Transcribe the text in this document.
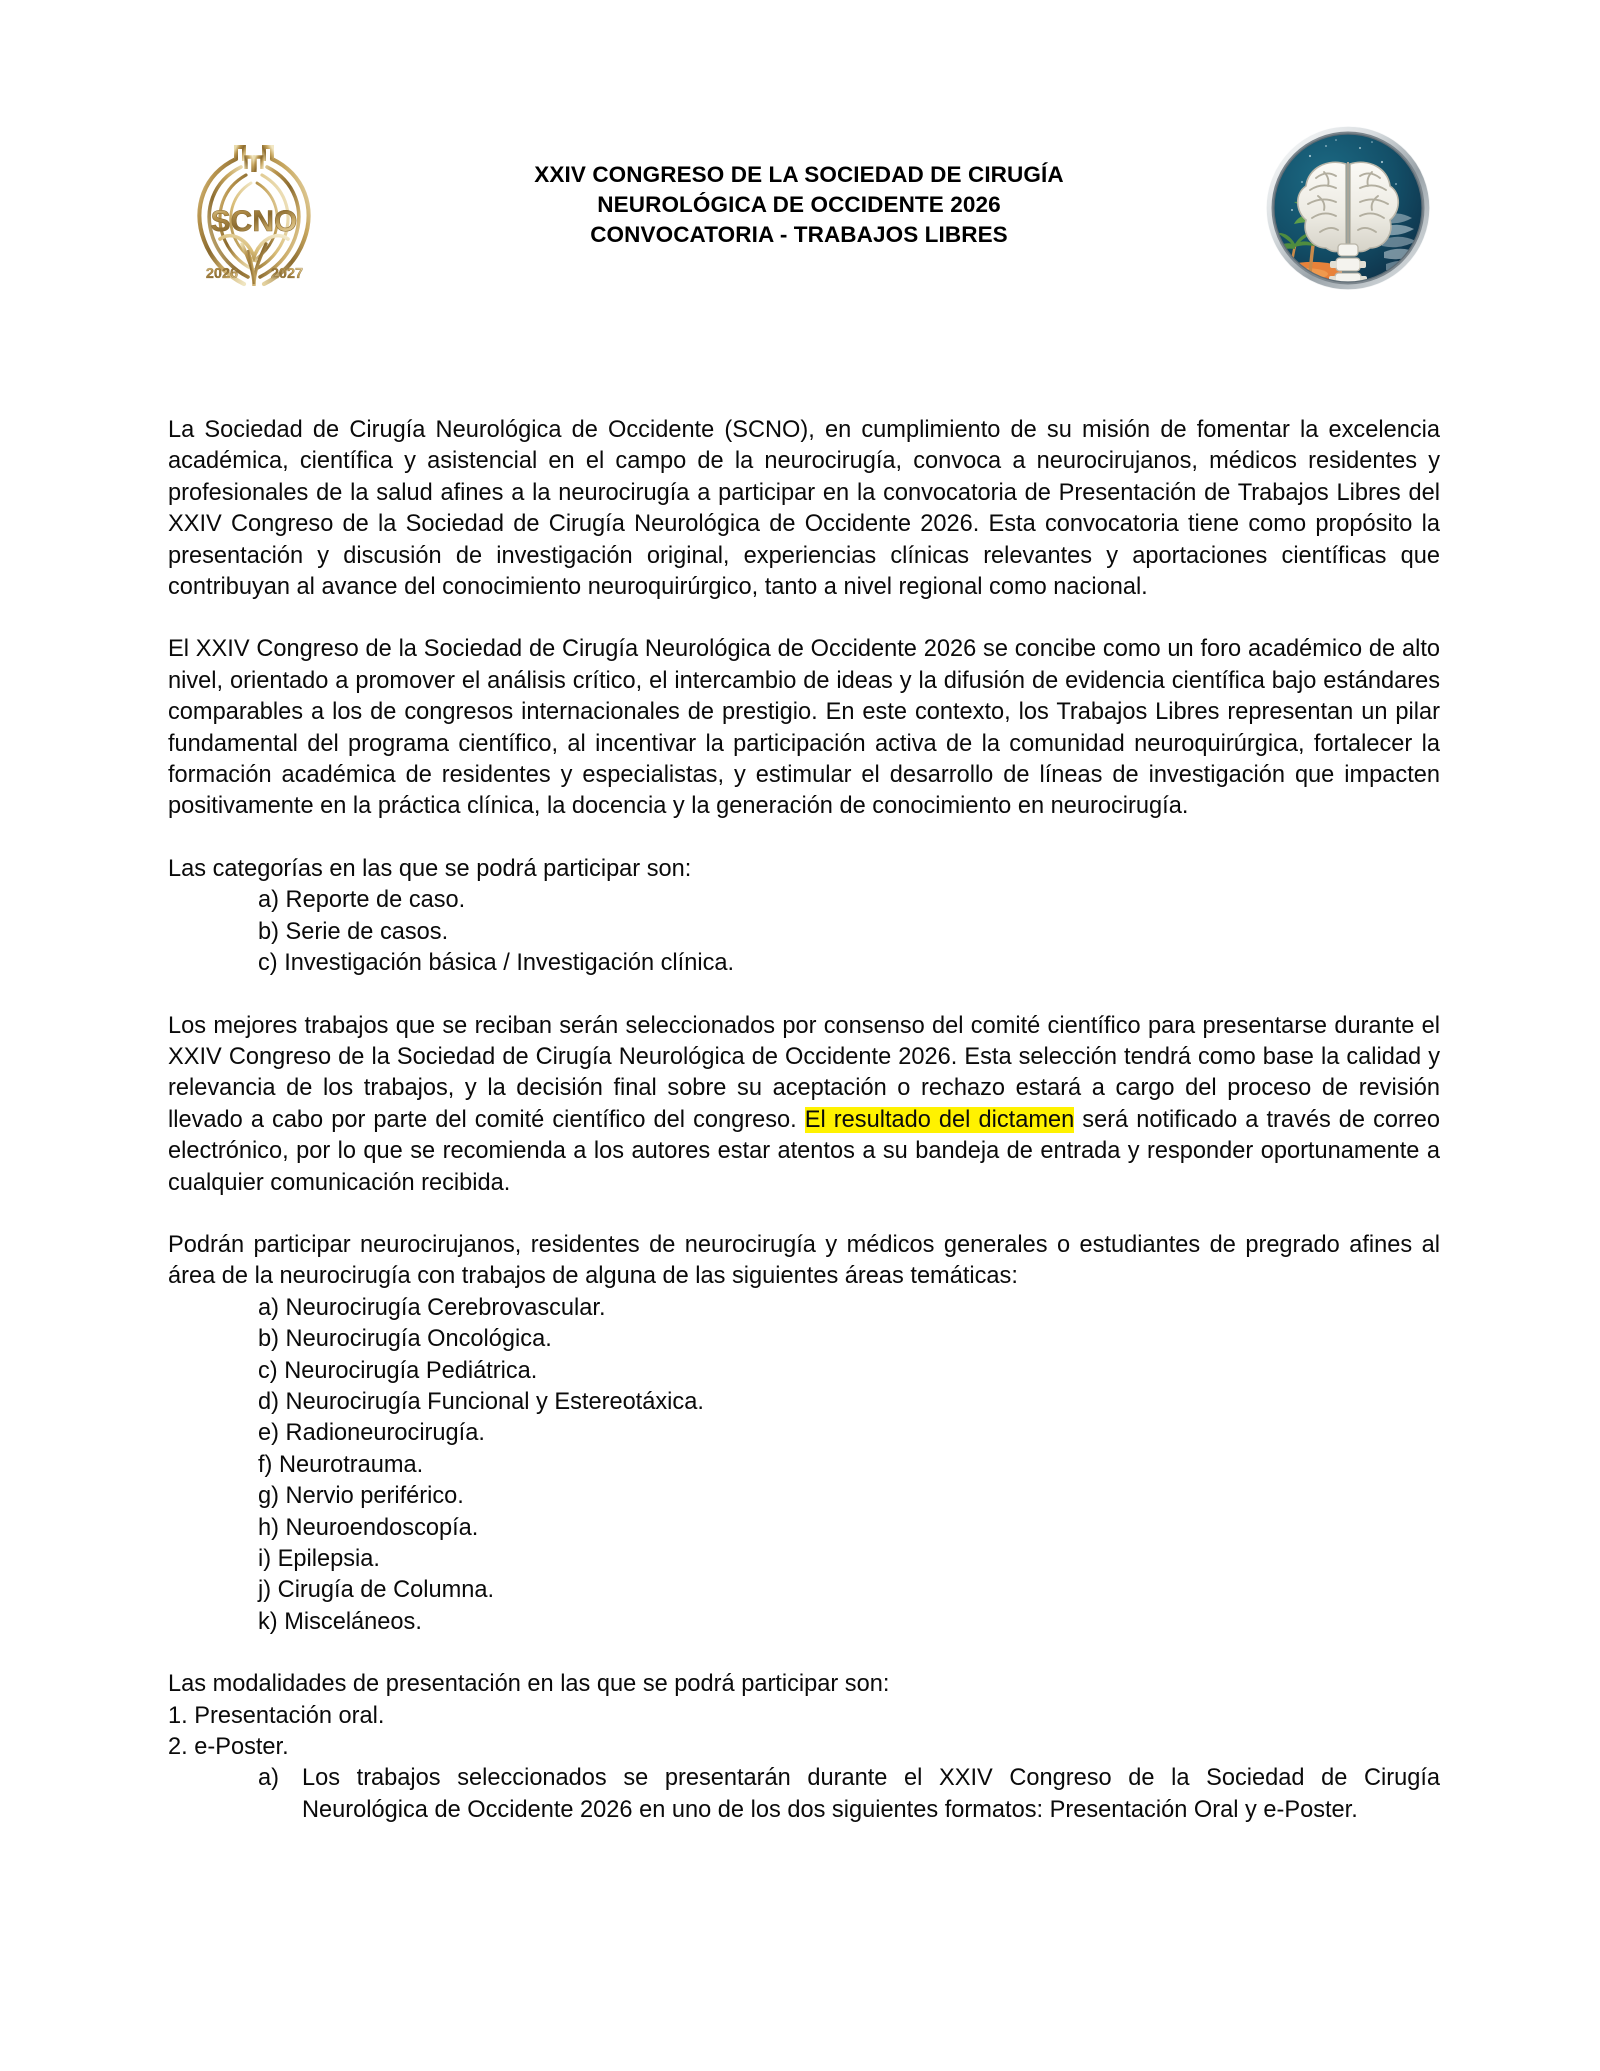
SCNO
2026 2027
XXIV CONGRESO DE LA SOCIEDAD DE CIRUGÍA
NEUROLÓGICA DE OCCIDENTE 2026
CONVOCATORIA - TRABAJOS LIBRES

La Sociedad de Cirugía Neurológica de Occidente (SCNO), en cumplimiento de su misión de fomentar la excelencia académica, científica y asistencial en el campo de la neurocirugía, convoca a neurocirujanos, médicos residentes y profesionales de la salud afines a la neurocirugía a participar en la convocatoria de Presentación de Trabajos Libres del XXIV Congreso de la Sociedad de Cirugía Neurológica de Occidente 2026. Esta convocatoria tiene como propósito la presentación y discusión de investigación original, experiencias clínicas relevantes y aportaciones científicas que contribuyan al avance del conocimiento neuroquirúrgico, tanto a nivel regional como nacional.

El XXIV Congreso de la Sociedad de Cirugía Neurológica de Occidente 2026 se concibe como un foro académico de alto nivel, orientado a promover el análisis crítico, el intercambio de ideas y la difusión de evidencia científica bajo estándares comparables a los de congresos internacionales de prestigio. En este contexto, los Trabajos Libres representan un pilar fundamental del programa científico, al incentivar la participación activa de la comunidad neuroquirúrgica, fortalecer la formación académica de residentes y especialistas, y estimular el desarrollo de líneas de investigación que impacten positivamente en la práctica clínica, la docencia y la generación de conocimiento en neurocirugía.

Las categorías en las que se podrá participar son:

a) Reporte de caso.
b) Serie de casos.
c) Investigación básica / Investigación clínica.

Los mejores trabajos que se reciban serán seleccionados por consenso del comité científico para presentarse durante el XXIV Congreso de la Sociedad de Cirugía Neurológica de Occidente 2026. Esta selección tendrá como base la calidad y relevancia de los trabajos, y la decisión final sobre su aceptación o rechazo estará a cargo del proceso de revisión llevado a cabo por parte del comité científico del congreso. El resultado del dictamen será notificado a través de correo electrónico, por lo que se recomienda a los autores estar atentos a su bandeja de entrada y responder oportunamente a cualquier comunicación recibida.

Podrán participar neurocirujanos, residentes de neurocirugía y médicos generales o estudiantes de pregrado afines al área de la neurocirugía con trabajos de alguna de las siguientes áreas temáticas:

a) Neurocirugía Cerebrovascular.
b) Neurocirugía Oncológica.
c) Neurocirugía Pediátrica.
d) Neurocirugía Funcional y Estereotáxica.
e) Radioneurocirugía.
f) Neurotrauma.
g) Nervio periférico.
h) Neuroendoscopía.
i) Epilepsia.
j) Cirugía de Columna.
k) Misceláneos.

Las modalidades de presentación en las que se podrá participar son:

1. Presentación oral.
2. e-Poster.
a) Los trabajos seleccionados se presentarán durante el XXIV Congreso de la Sociedad de Cirugía Neurológica de Occidente 2026 en uno de los dos siguientes formatos: Presentación Oral y e-Poster.
